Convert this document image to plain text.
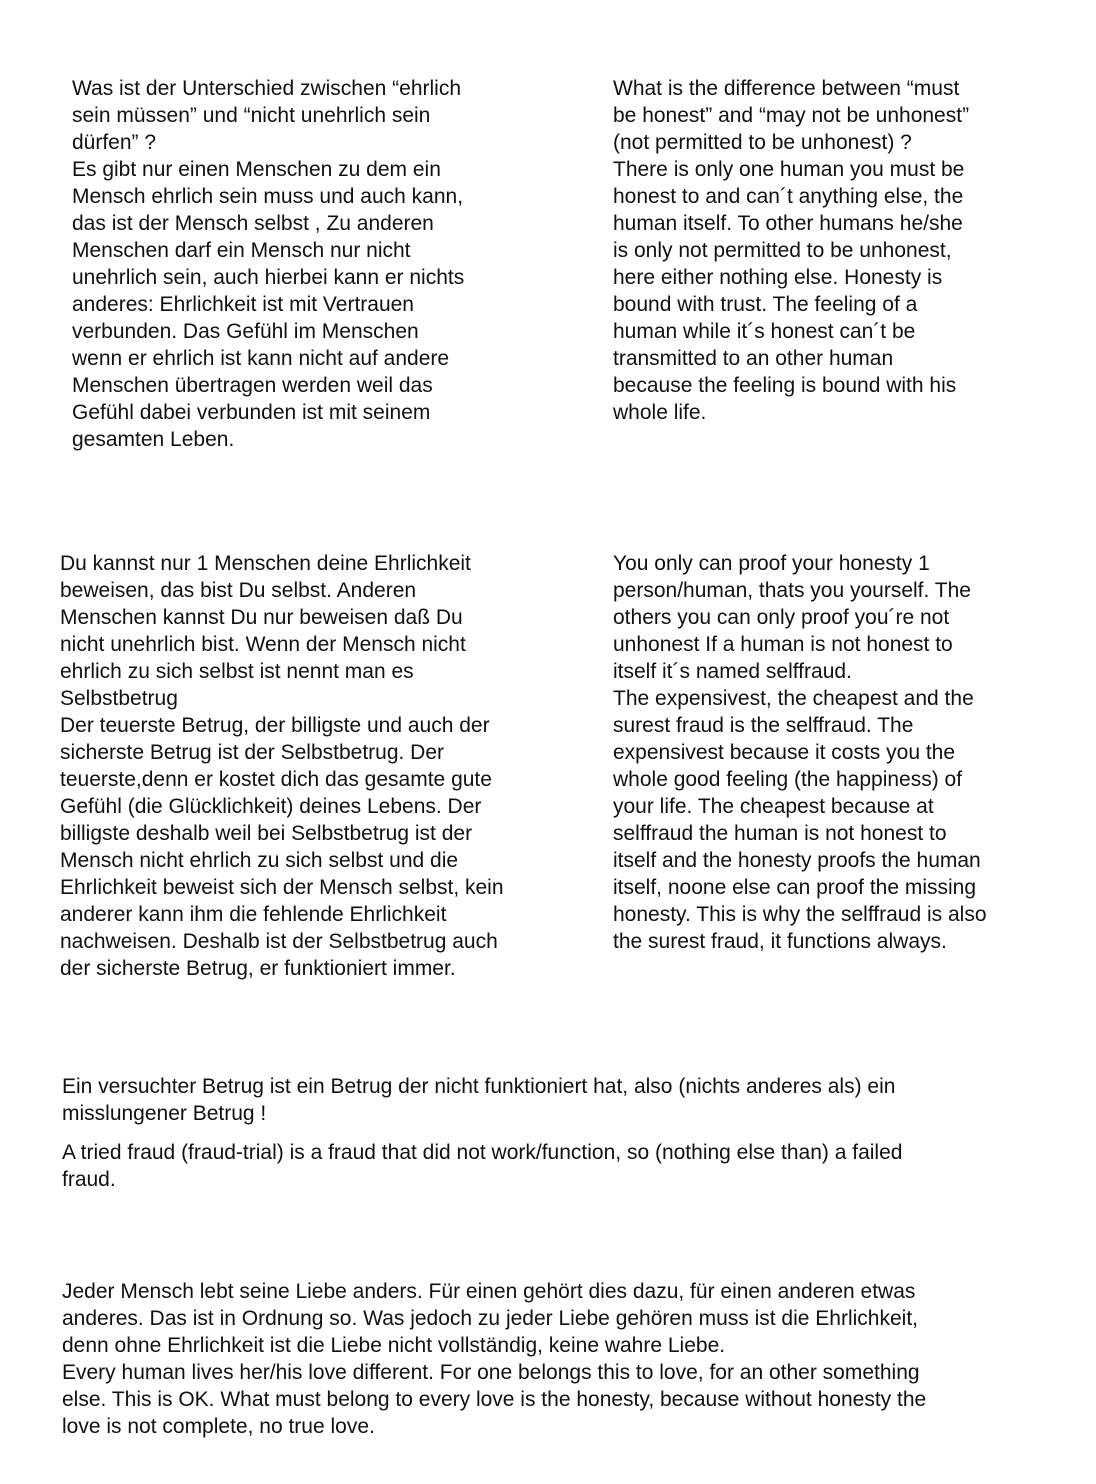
Was ist der Unterschied zwischen “ehrlich
sein müssen” und “nicht unehrlich sein
dürfen” ?
Es gibt nur einen Menschen zu dem ein
Mensch ehrlich sein muss und auch kann,
das ist der Mensch selbst , Zu anderen
Menschen darf ein Mensch nur nicht
unehrlich sein, auch hierbei kann er nichts
anderes: Ehrlichkeit ist mit Vertrauen
verbunden. Das Gefühl im Menschen
wenn er ehrlich ist kann nicht auf andere
Menschen übertragen werden weil das
Gefühl dabei verbunden ist mit seinem
gesamten Leben.

What is the difference between “must
be honest” and “may not be unhonest”
(not permitted to be unhonest) ?
There is only one human you must be
honest to and can´t anything else, the
human itself. To other humans he/she
is only not permitted to be unhonest,
here either nothing else. Honesty is
bound with trust. The feeling of a
human while it´s honest can´t be
transmitted to an other human
because the feeling is bound with his
whole life.

Du kannst nur 1 Menschen deine Ehrlichkeit
beweisen, das bist Du selbst. Anderen
Menschen kannst Du nur beweisen daß Du
nicht unehrlich bist. Wenn der Mensch nicht
ehrlich zu sich selbst ist nennt man es
Selbstbetrug
Der teuerste Betrug, der billigste und auch der
sicherste Betrug ist der Selbstbetrug. Der
teuerste,denn er kostet dich das gesamte gute
Gefühl (die Glücklichkeit) deines Lebens. Der
billigste deshalb weil bei Selbstbetrug ist der
Mensch nicht ehrlich zu sich selbst und die
Ehrlichkeit beweist sich der Mensch selbst, kein
anderer kann ihm die fehlende Ehrlichkeit
nachweisen. Deshalb ist der Selbstbetrug auch
der sicherste Betrug, er funktioniert immer.

You only can proof your honesty 1
person/human, thats you yourself. The
others you can only proof you´re not
unhonest If a human is not honest to
itself it´s named selffraud.
The expensivest, the cheapest and the
surest fraud is the selffraud. The
expensivest because it costs you the
whole good feeling (the happiness) of
your life. The cheapest because at
selffraud the human is not honest to
itself and the honesty proofs the human
itself, noone else can proof the missing
honesty. This is why the selffraud is also
the surest fraud, it functions always.

Ein versuchter Betrug ist ein Betrug der nicht funktioniert hat, also (nichts anderes als) ein
misslungener Betrug !

A tried fraud (fraud-trial) is a fraud that did not work/function, so (nothing else than) a failed
fraud.

Jeder Mensch lebt seine Liebe anders. Für einen gehört dies dazu, für einen anderen etwas
anderes. Das ist in Ordnung so. Was jedoch zu jeder Liebe gehören muss ist die Ehrlichkeit,
denn ohne Ehrlichkeit ist die Liebe nicht vollständig, keine wahre Liebe.
Every human lives her/his love different. For one belongs this to love, for an other something
else. This is OK. What must belong to every love is the honesty, because without honesty the
love is not complete, no true love.
